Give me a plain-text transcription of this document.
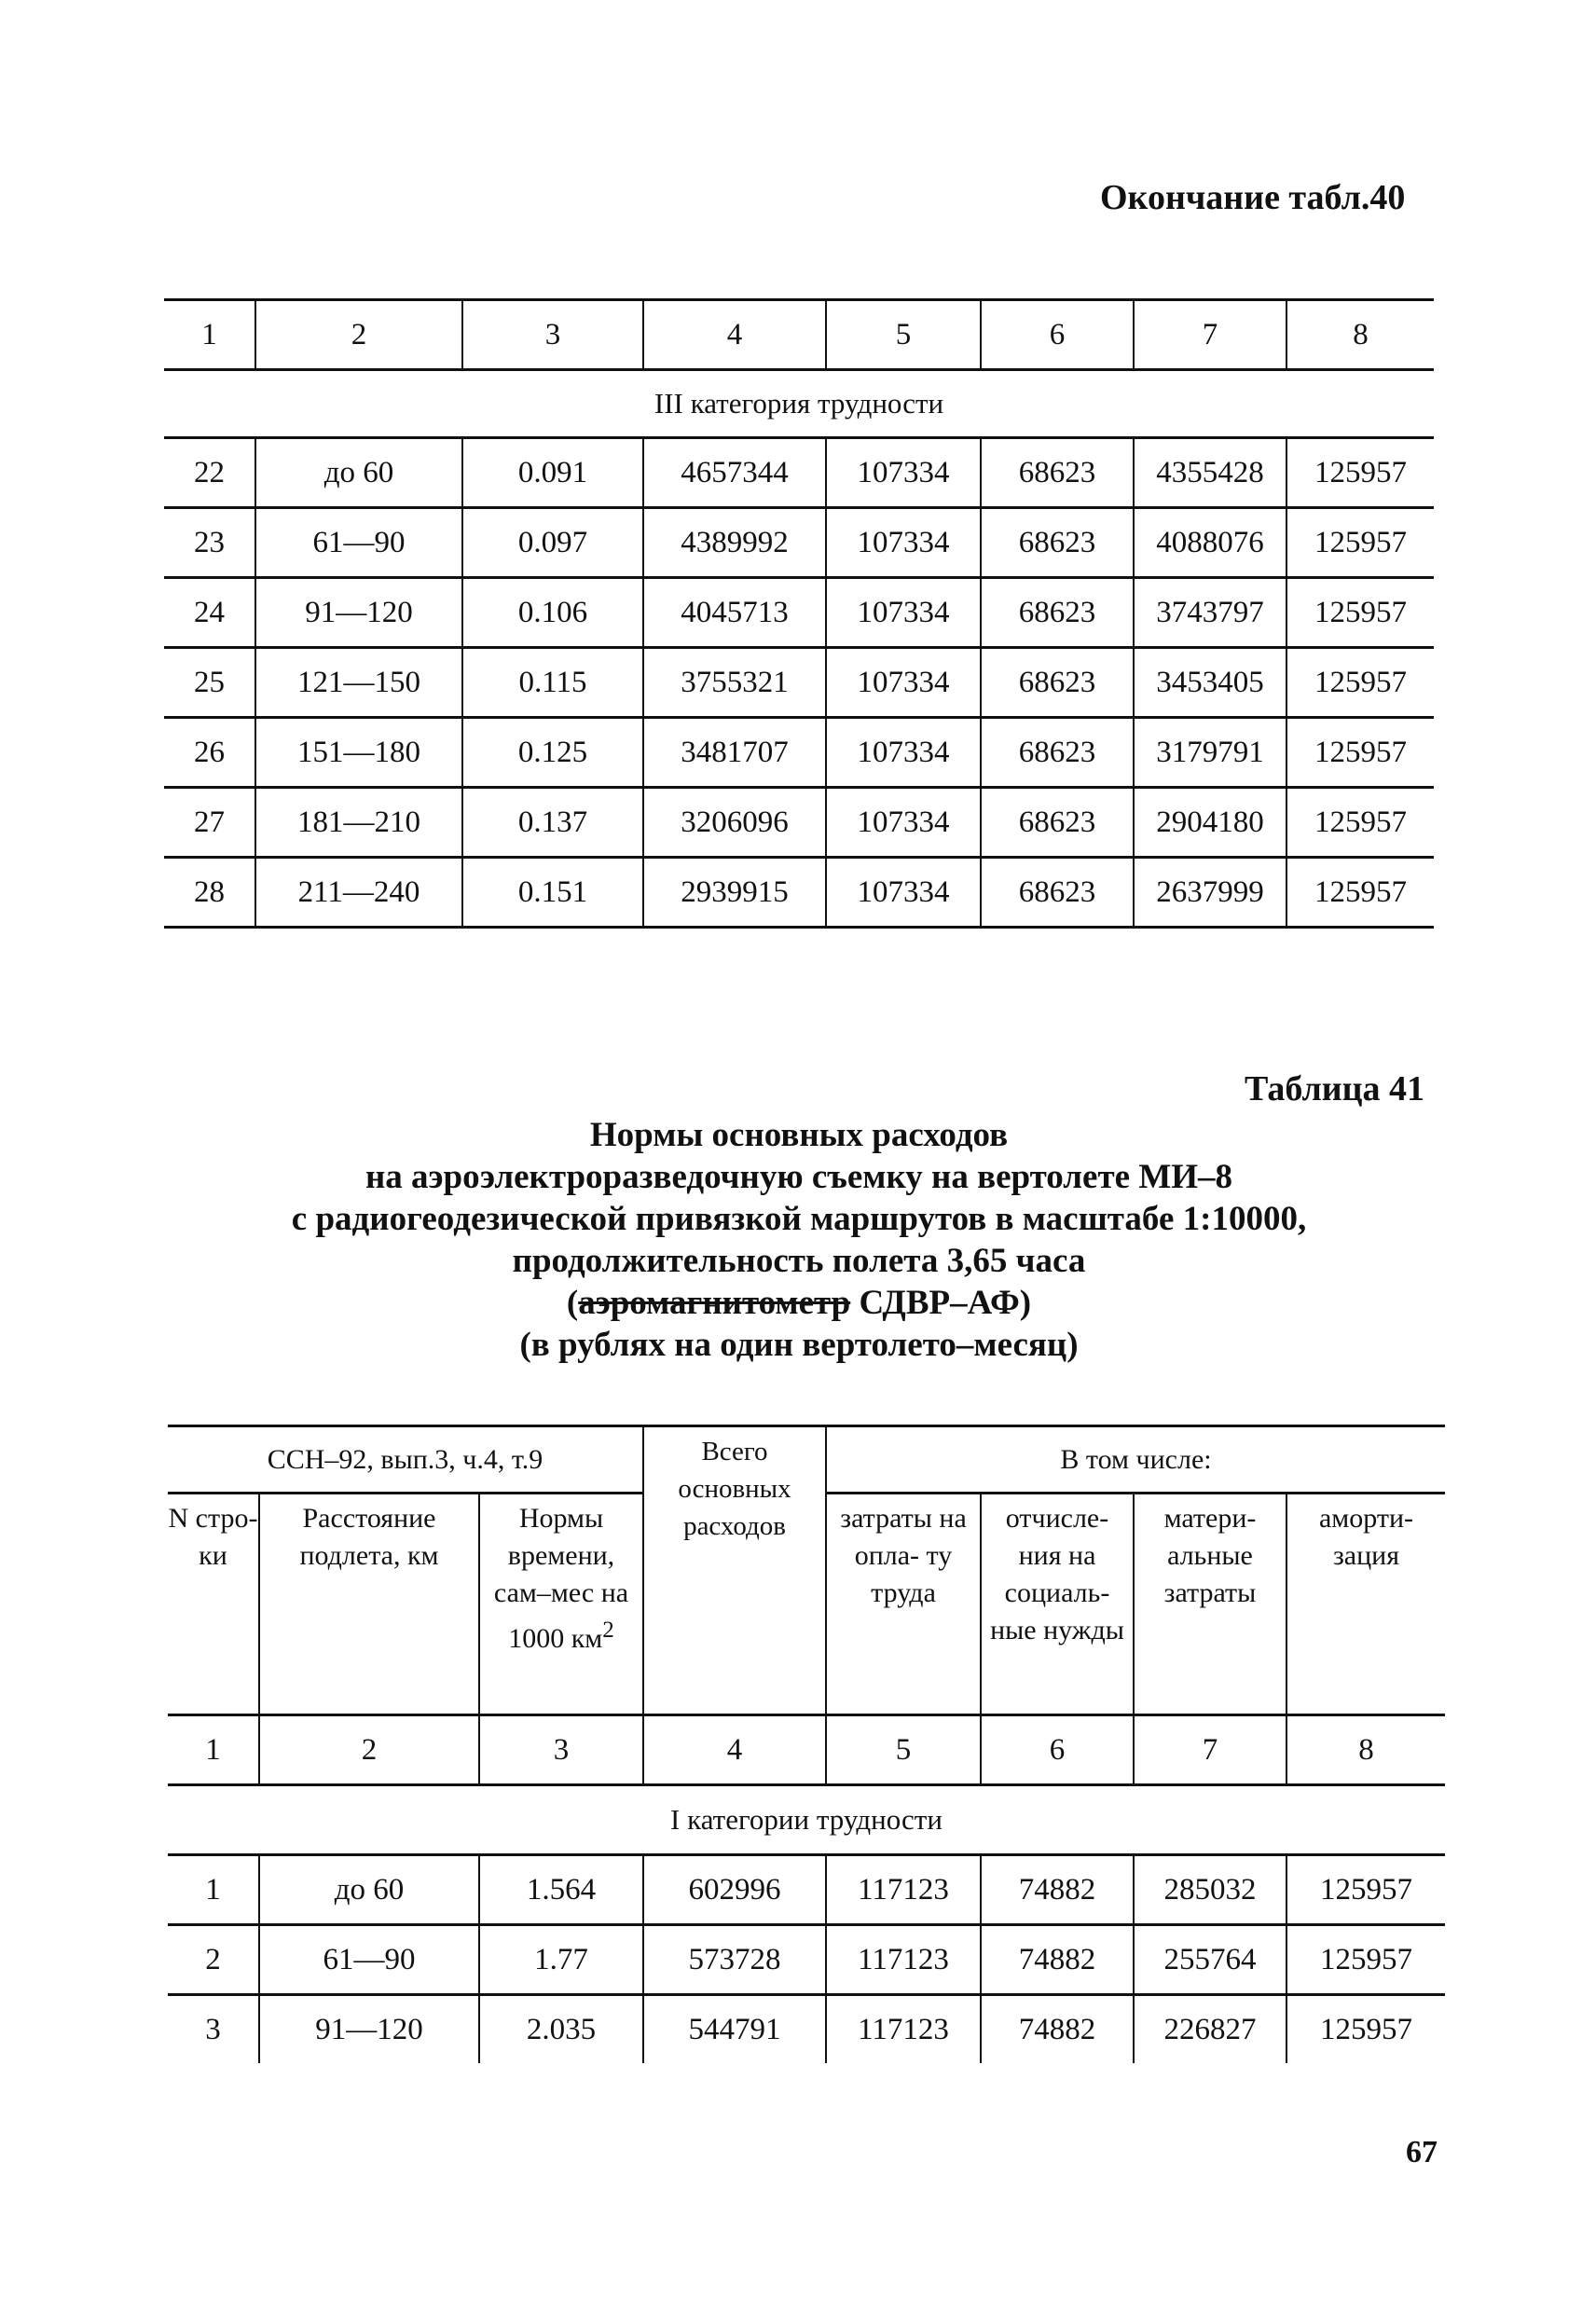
Окончание табл.40
1	2	3	4	5	6	7	8
III категория трудности							
22	до 60	0.091	4657344	107334	68623	4355428	125957
23	61—90	0.097	4389992	107334	68623	4088076	125957
24	91—120	0.106	4045713	107334	68623	3743797	125957
25	121—150	0.115	3755321	107334	68623	3453405	125957
26	151—180	0.125	3481707	107334	68623	3179791	125957
27	181—210	0.137	3206096	107334	68623	2904180	125957
28	211—240	0.151	2939915	107334	68623	2637999	125957
Таблица 41
Нормы основных расходов
на аэроэлектроразведочную съемку на вертолете МИ–8
с радиогеодезической привязкой маршрутов в масштабе 1:10000,
продолжительность полета 3,65 часа
(аэромагнитометр СДВР–АФ)
(в рублях на один вертолето–месяц)
ССН–92, вып.3, ч.4, т.9			Всего основных расходов	В том числе:			
N стро- ки	Расстояние подлета, км	Нормы времени, сам–мес на 1000 $км^2$		затраты на опла- ту труда	отчисле- ния на социаль- ные нужды	матери- альные затраты	аморти- зация
1	2	3	4	5	6	7	8
I категории трудности							
1	до 60	1.564	602996	117123	74882	285032	125957
2	61—90	1.77	573728	117123	74882	255764	125957
3	91—120	2.035	544791	117123	74882	226827	125957
67
